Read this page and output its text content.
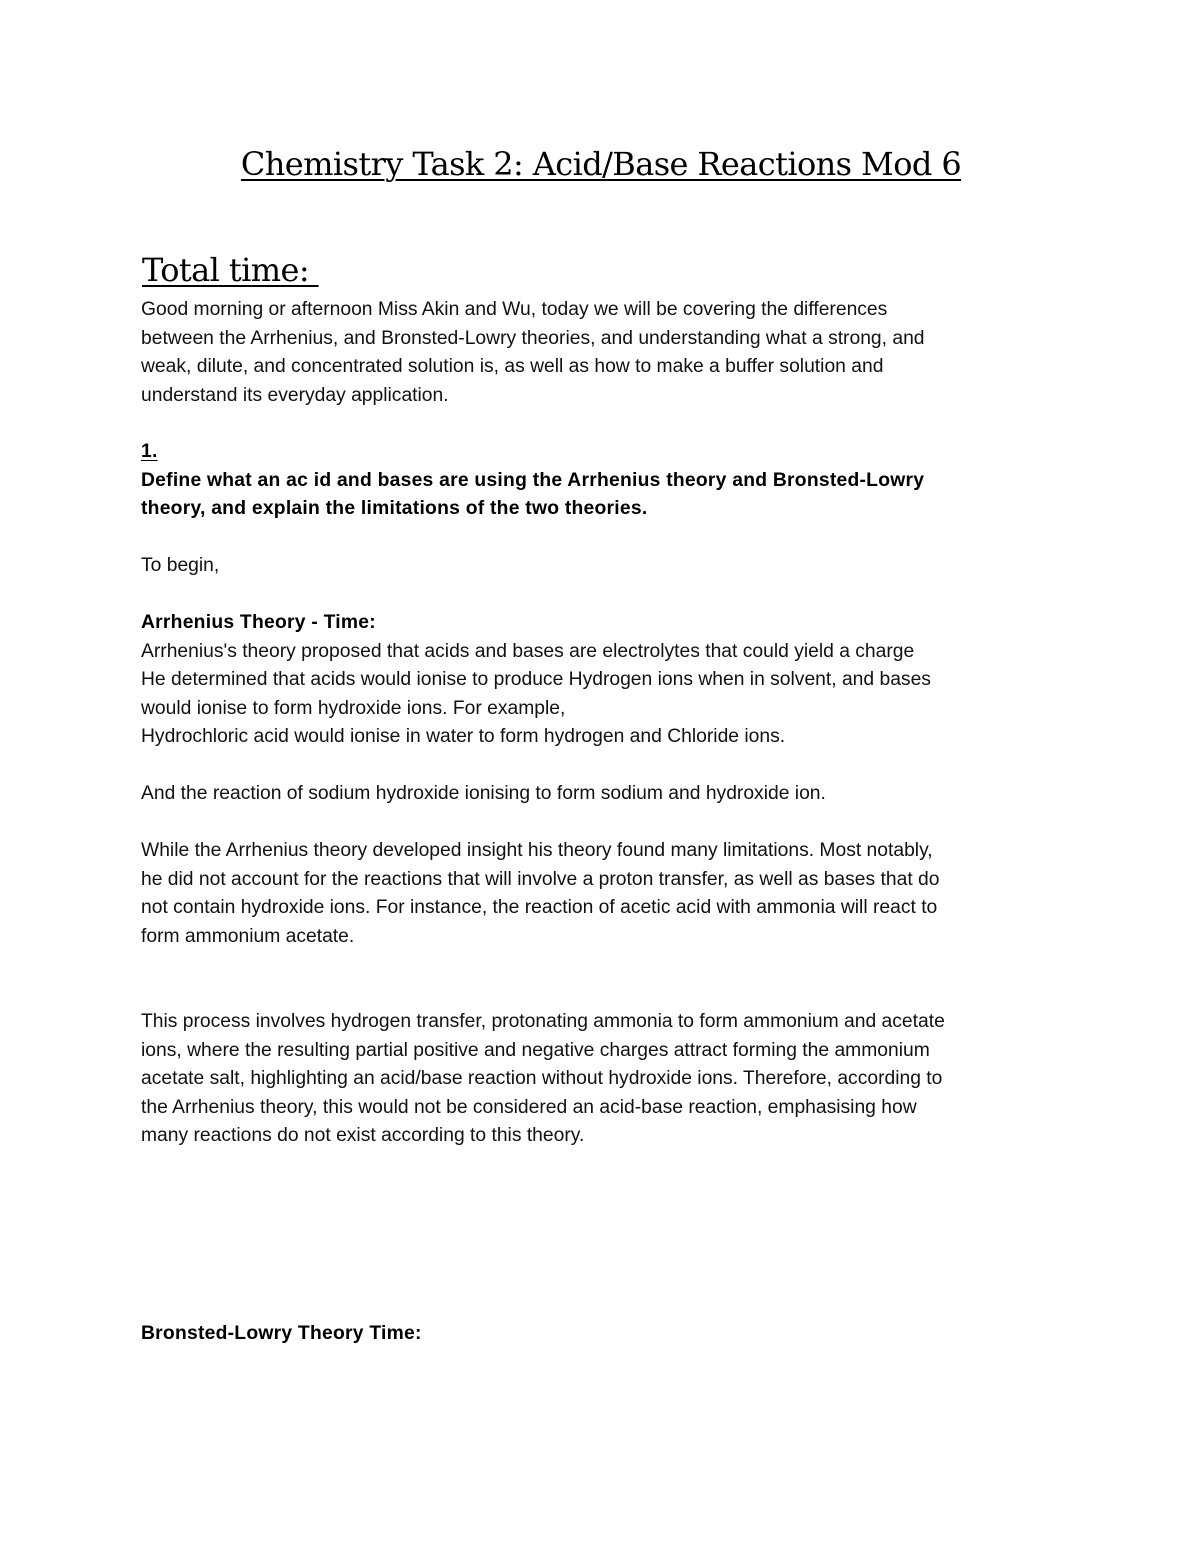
Chemistry Task 2: Acid/Base Reactions Mod 6
Total time:

Good morning or afternoon Miss Akin and Wu, today we will be covering the differences
between the Arrhenius, and Bronsted-Lowry theories, and understanding what a strong, and
weak, dilute, and concentrated solution is, as well as how to make a buffer solution and
understand its everyday application.

1.
Define what an ac id and bases are using the Arrhenius theory and Bronsted-Lowry
theory, and explain the limitations of the two theories.

To begin,

Arrhenius Theory - Time:
Arrhenius's theory proposed that acids and bases are electrolytes that could yield a charge
He determined that acids would ionise to produce Hydrogen ions when in solvent, and bases
would ionise to form hydroxide ions. For example,
Hydrochloric acid would ionise in water to form hydrogen and Chloride ions.

And the reaction of sodium hydroxide ionising to form sodium and hydroxide ion.

While the Arrhenius theory developed insight his theory found many limitations. Most notably,
he did not account for the reactions that will involve a proton transfer, as well as bases that do
not contain hydroxide ions. For instance, the reaction of acetic acid with ammonia will react to
form ammonium acetate.

This process involves hydrogen transfer, protonating ammonia to form ammonium and acetate
ions, where the resulting partial positive and negative charges attract forming the ammonium
acetate salt, highlighting an acid/base reaction without hydroxide ions. Therefore, according to
the Arrhenius theory, this would not be considered an acid-base reaction, emphasising how
many reactions do not exist according to this theory.

Bronsted-Lowry Theory Time:
